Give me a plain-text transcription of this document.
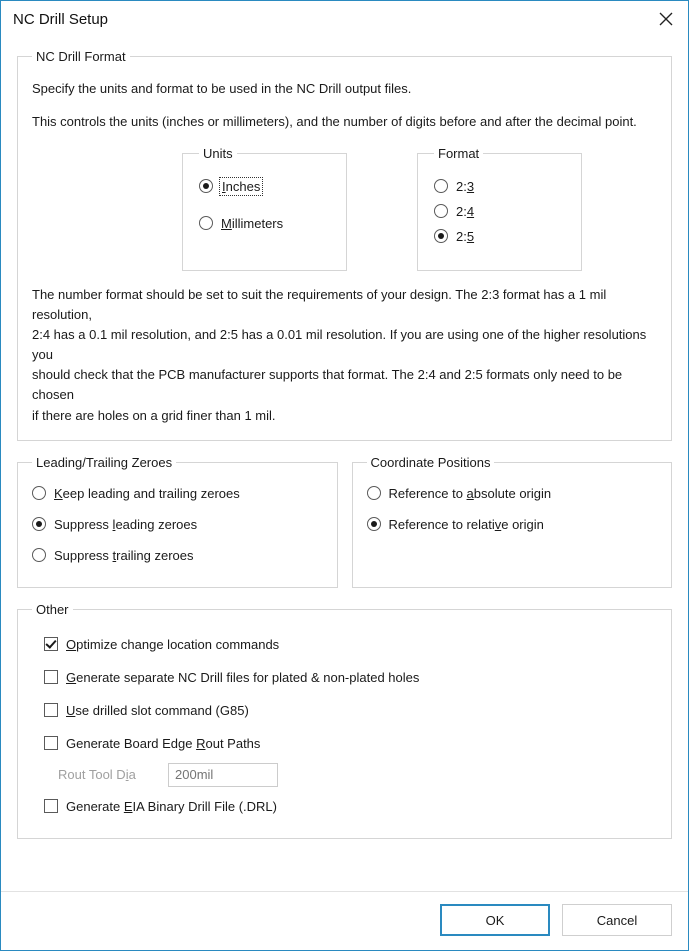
NC Drill Setup
NC Drill Format

Specify the units and format to be used in the NC Drill output files.

This controls the units (inches or millimeters), and the number of digits before and after the decimal point.

Units
Inches
Millimeters
Format
2:3
2:4
2:5
The number format should be set to suit the requirements of your design. The 2:3 format has a 1 mil resolution,
2:4 has a 0.1 mil resolution, and 2:5 has a 0.01 mil resolution. If you are using one of the higher resolutions you
should check that the PCB manufacturer supports that format. The 2:4 and 2:5 formats only need to be chosen
if there are holes on a grid finer than 1 mil.
Leading/Trailing Zeroes
Keep leading and trailing zeroes
Suppress leading zeroes
Suppress trailing zeroes
Coordinate Positions
Reference to absolute origin
Reference to relative origin
Other
Optimize change location commands
Generate separate NC Drill files for plated & non-plated holes
Use drilled slot command (G85)
Generate Board Edge Rout Paths
Rout Tool Dia
200mil
Generate EIA Binary Drill File (.DRL)
OK	Cancel
